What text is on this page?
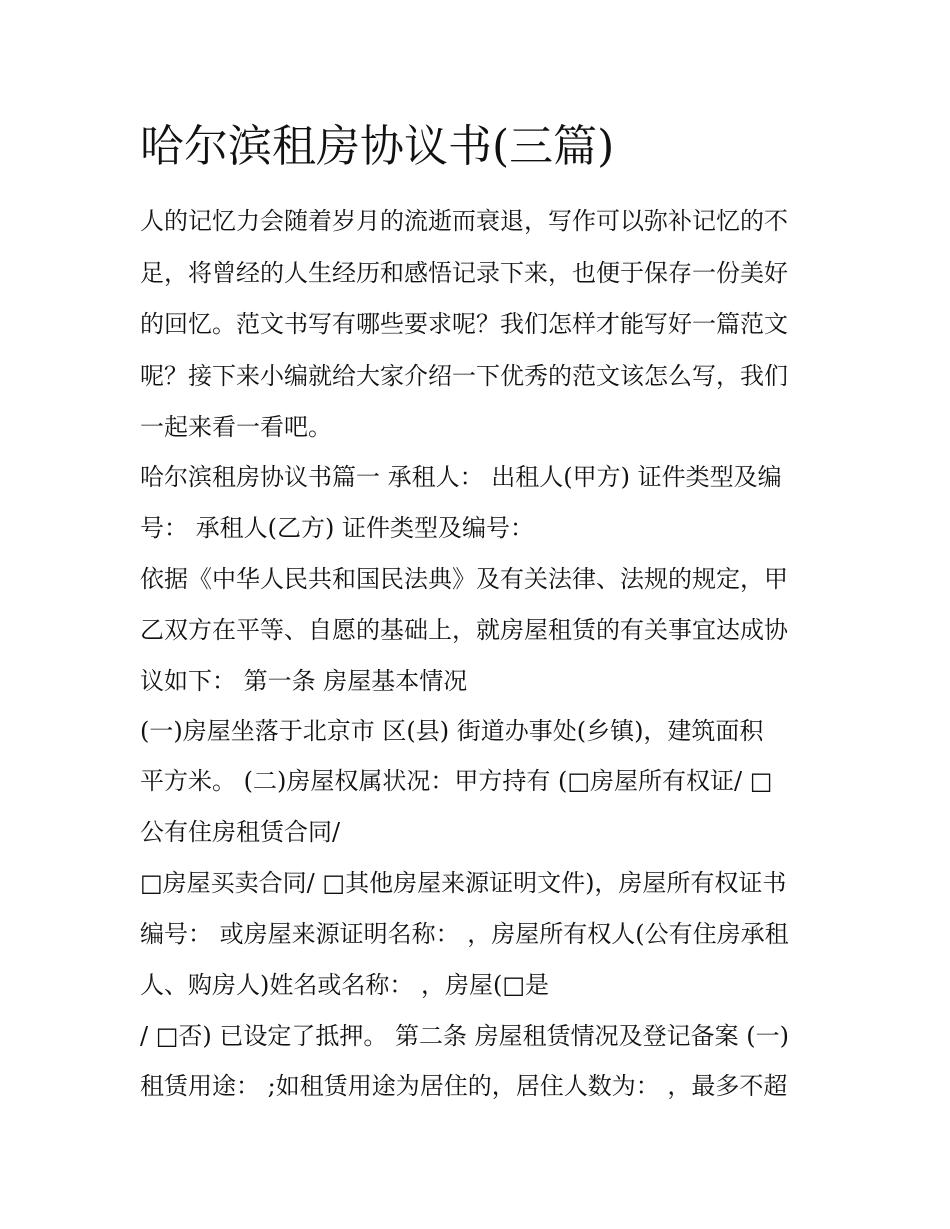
哈尔滨租房协议书(三篇)

人的记忆力会随着岁月的流逝而衰退，写作可以弥补记忆的不

足，将曾经的人生经历和感悟记录下来，也便于保存一份美好

的回忆。范文书写有哪些要求呢？我们怎样才能写好一篇范文

呢？接下来小编就给大家介绍一下优秀的范文该怎么写，我们

一起来看一看吧。

哈尔滨租房协议书篇一 承租人： 出租人(甲方) 证件类型及编

号： 承租人(乙方) 证件类型及编号：

依据《中华人民共和国民法典》及有关法律、法规的规定，甲

乙双方在平等、自愿的基础上，就房屋租赁的有关事宜达成协

议如下： 第一条 房屋基本情况

(一)房屋坐落于北京市 区(县) 街道办事处(乡镇)，建筑面积

平方米。 (二)房屋权属状况：甲方持有 (□房屋所有权证/ □

公有住房租赁合同/

□房屋买卖合同/ □其他房屋来源证明文件)，房屋所有权证书

编号： 或房屋来源证明名称： ，房屋所有权人(公有住房承租

人、购房人)姓名或名称： ，房屋(□是

/ □否) 已设定了抵押。 第二条 房屋租赁情况及登记备案 (一)

租赁用途： ;如租赁用途为居住的，居住人数为： ，最多不超
